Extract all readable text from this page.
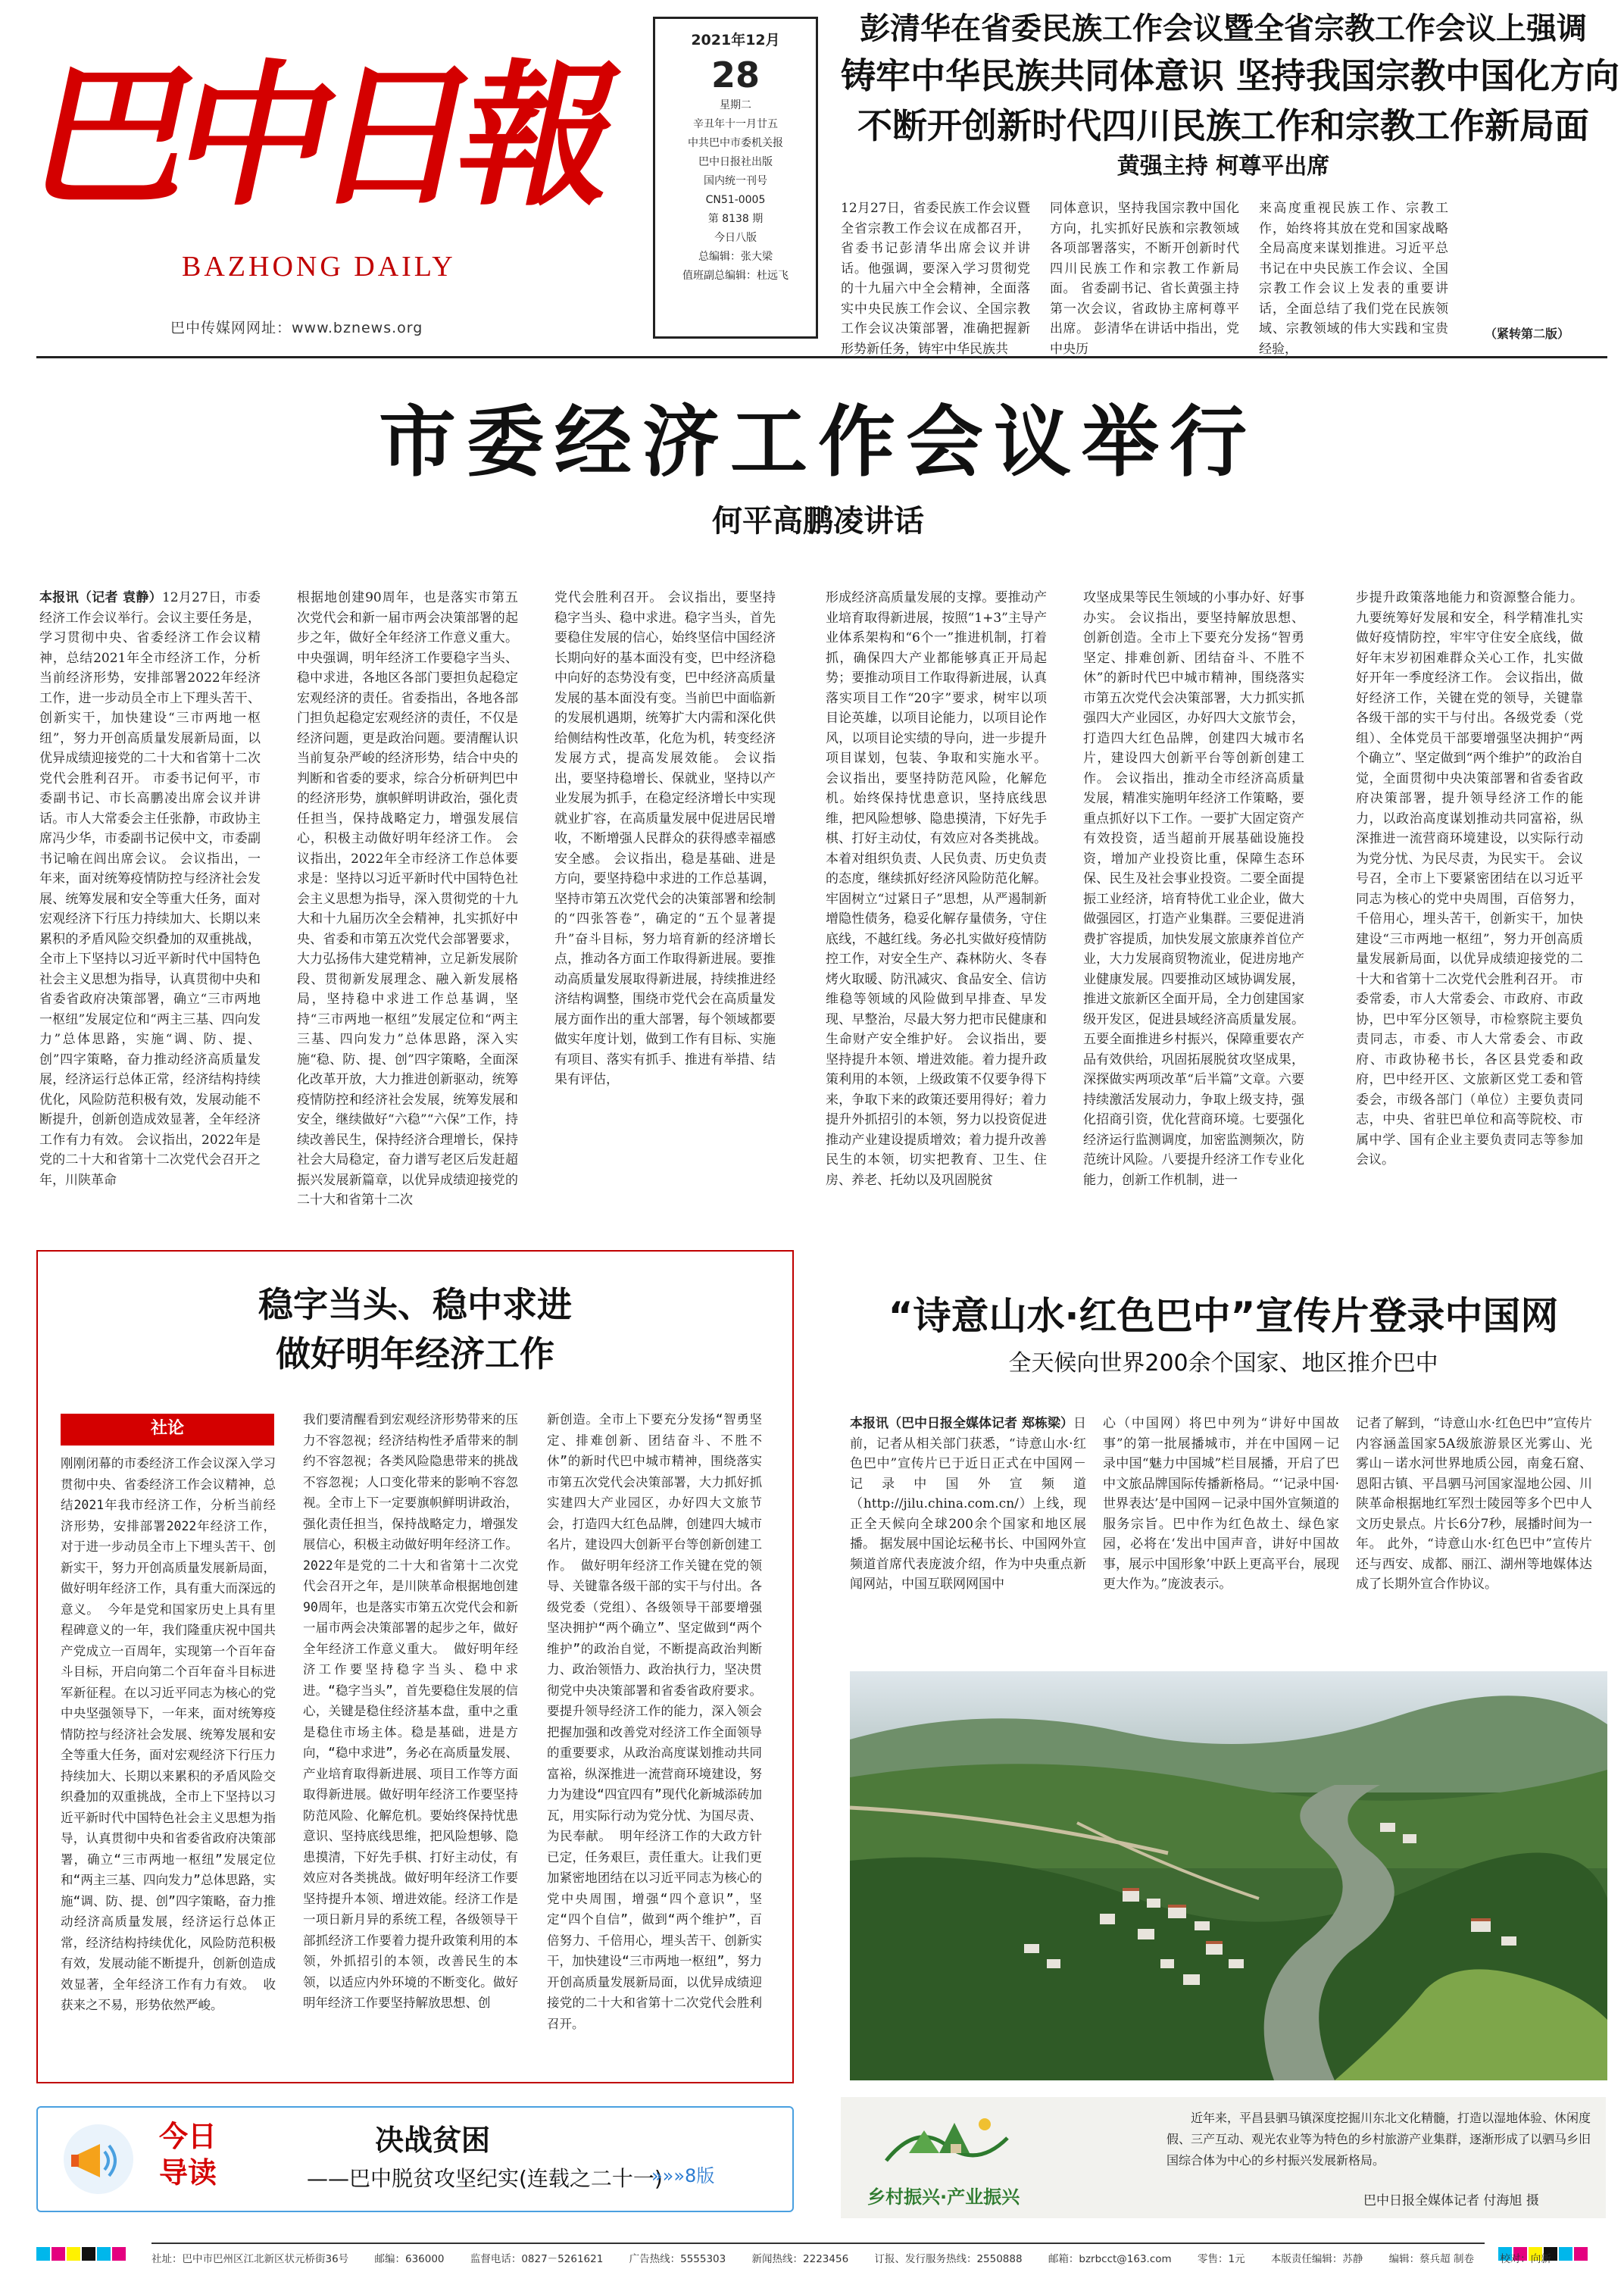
巴中日報
BAZHONG DAILY
巴中传媒网网址：www.bznews.org
2021年12月
28
星期二
辛丑年十一月廿五
中共巴中市委机关报
巴中日报社出版
国内统一刊号
CN51-0005
第 8138 期
今日八版
总编辑：张大梁
值班副总编辑：杜远飞
彭清华在省委民族工作会议暨全省宗教工作会议上强调
铸牢中华民族共同体意识 坚持我国宗教中国化方向
不断开创新时代四川民族工作和宗教工作新局面
黄强主持 柯尊平出席
12月27日，省委民族工作会议暨全省宗教工作会议在成都召开，省委书记彭清华出席会议并讲话。他强调，要深入学习贯彻党的十九届六中全会精神，全面落实中央民族工作会议、全国宗教工作会议决策部署，准确把握新形势新任务，铸牢中华民族共
同体意识，坚持我国宗教中国化方向，扎实抓好民族和宗教领域各项部署落实，不断开创新时代四川民族工作和宗教工作新局面。 省委副书记、省长黄强主持第一次会议，省政协主席柯尊平出席。 彭清华在讲话中指出，党中央历
来高度重视民族工作、宗教工作，始终将其放在党和国家战略全局高度来谋划推进。习近平总书记在中央民族工作会议、全国宗教工作会议上发表的重要讲话，全面总结了我们党在民族领域、宗教领域的伟大实践和宝贵经验，
（紧转第二版）
市委经济工作会议举行
何平高鹏凌讲话
本报讯（记者 袁静）12月27日，市委经济工作会议举行。会议主要任务是，学习贯彻中央、省委经济工作会议精神，总结2021年全市经济工作，分析当前经济形势，安排部署2022年经济工作，进一步动员全市上下理头苦干、创新实干，加快建设“三市两地一枢纽”，努力开创高质量发展新局面，以优异成绩迎接党的二十大和省第十二次党代会胜利召开。 市委书记何平，市委副书记、市长高鹏凌出席会议并讲话。市人大常委会主任张静，市政协主席冯少华，市委副书记侯中文，市委副书记喻在闾出席会议。 会议指出，一年来，面对统筹疫情防控与经济社会发展、统筹发展和安全等重大任务，面对宏观经济下行压力持续加大、长期以来累积的矛盾风险交织叠加的双重挑战，全市上下坚持以习近平新时代中国特色社会主义思想为指导，认真贯彻中央和省委省政府决策部署，确立“三市两地一枢纽”发展定位和“两主三基、四向发力”总体思路，实施“调、防、提、创”四字策略，奋力推动经济高质量发展，经济运行总体正常，经济结构持续优化，风险防范积极有效，发展动能不断提升，创新创造成效显著，全年经济工作有力有效。 会议指出，2022年是党的二十大和省第十二次党代会召开之年，川陕革命
根据地创建90周年，也是落实市第五次党代会和新一届市两会决策部署的起步之年，做好全年经济工作意义重大。中央强调，明年经济工作要稳字当头、稳中求进，各地区各部门要担负起稳定宏观经济的责任。省委指出，各地各部门担负起稳定宏观经济的责任，不仅是经济问题，更是政治问题。要清醒认识当前复杂严峻的经济形势，结合中央的判断和省委的要求，综合分析研判巴中的经济形势，旗帜鲜明讲政治，强化责任担当，保持战略定力，增强发展信心，积极主动做好明年经济工作。 会议指出，2022年全市经济工作总体要求是：坚持以习近平新时代中国特色社会主义思想为指导，深入贯彻党的十九大和十九届历次全会精神，扎实抓好中央、省委和市第五次党代会部署要求，大力弘扬伟大建党精神，立足新发展阶段、贯彻新发展理念、融入新发展格局，坚持稳中求进工作总基调，坚持“三市两地一枢纽”发展定位和“两主三基、四向发力”总体思路，深入实施“稳、防、提、创”四字策略，全面深化改革开放，大力推进创新驱动，统筹疫情防控和经济社会发展，统筹发展和安全，继续做好“六稳”“六保”工作，持续改善民生，保持经济合理增长，保持社会大局稳定，奋力谱写老区后发赶超振兴发展新篇章，以优异成绩迎接党的二十大和省第十二次
党代会胜利召开。 会议指出，要坚持稳字当头、稳中求进。稳字当头，首先要稳住发展的信心，始终坚信中国经济长期向好的基本面没有变，巴中经济稳中向好的态势没有变，巴中经济高质量发展的基本面没有变。当前巴中面临新的发展机遇期，统筹扩大内需和深化供给侧结构性改革，化危为机，转变经济发展方式，提高发展效能。 会议指出，要坚持稳增长、保就业，坚持以产业发展为抓手，在稳定经济增长中实现就业扩容，在高质量发展中促进居民增收，不断增强人民群众的获得感幸福感安全感。 会议指出，稳是基础、进是方向，要坚持稳中求进的工作总基调，坚持市第五次党代会的决策部署和绘制的“四张答卷”，确定的“五个显著提升”奋斗目标，努力培育新的经济增长点，推动各方面工作取得新进展。要推动高质量发展取得新进展，持续推进经济结构调整，围绕市党代会在高质量发展方面作出的重大部署，每个领域都要做实年度计划，做到工作有目标、实施有项目、落实有抓手、推进有举措、结果有评估，
形成经济高质量发展的支撑。要推动产业培育取得新进展，按照“1+3”主导产业体系架构和“6个一”推进机制，打着抓，确保四大产业都能够真正开局起势；要推动项目工作取得新进展，认真落实项目工作“20字”要求，树牢以项目论英雄，以项目论能力，以项目论作风，以项目论实绩的导向，进一步提升项目谋划，包装、争取和实施水平。 会议指出，要坚持防范风险，化解危机。始终保持忧患意识，坚持底线思维，把风险想够、隐患摸清，下好先手棋、打好主动仗，有效应对各类挑战。本着对组织负责、人民负责、历史负责的态度，继续抓好经济风险防范化解。牢固树立“过紧日子”思想，从严遏制新增隐性债务，稳妥化解存量债务，守住底线，不越红线。务必扎实做好疫情防控工作，对安全生产、森林防火、冬春烤火取暖、防汛减灾、食品安全、信访维稳等领域的风险做到早排查、早发现、早整治，尽最大努力把市民健康和生命财产安全维护好。 会议指出，要坚持提升本领、增进效能。着力提升政策利用的本领，上级政策不仅要争得下来，争取下来的政策还要用得好；着力提升外抓招引的本领，努力以投资促进推动产业建设提质增效；着力提升改善民生的本领，切实把教育、卫生、住房、养老、托幼以及巩固脱贫
攻坚成果等民生领域的小事办好、好事办实。 会议指出，要坚持解放思想、创新创造。全市上下要充分发扬“智勇坚定、排难创新、团结奋斗、不胜不休”的新时代巴中城市精神，围绕落实市第五次党代会决策部署，大力抓实抓强四大产业园区，办好四大文旅节会，打造四大红色品牌，创建四大城市名片，建设四大创新平台等创新创建工作。 会议指出，推动全市经济高质量发展，精准实施明年经济工作策略，要重点抓好以下工作。一要扩大固定资产有效投资，适当超前开展基础设施投资，增加产业投资比重，保障生态环保、民生及社会事业投资。二要全面提振工业经济，培育特优工业企业，做大做强园区，打造产业集群。三要促进消费扩容提质，加快发展文旅康养首位产业，大力发展商贸物流业，促进房地产业健康发展。四要推动区域协调发展，推进文旅新区全面开局，全力创建国家级开发区，促进县域经济高质量发展。五要全面推进乡村振兴，保障重要农产品有效供给，巩固拓展脱贫攻坚成果，深探做实两项改革“后半篇”文章。六要持续激活发展动力，争取上级支持，强化招商引资，优化营商环境。七要强化经济运行监测调度，加密监测频次，防范统计风险。八要提升经济工作专业化能力，创新工作机制，进一
步提升政策落地能力和资源整合能力。九要统筹好发展和安全，科学精准扎实做好疫情防控，牢牢守住安全底线，做好年末岁初困难群众关心工作，扎实做好开年一季度经济工作。 会议指出，做好经济工作，关键在党的领导，关键靠各级干部的实干与付出。各级党委（党组）、全体党员干部要增强坚决拥护“两个确立”、坚定做到“两个维护”的政治自觉，全面贯彻中央决策部署和省委省政府决策部署，提升领导经济工作的能力，以政治高度谋划推动共同富裕，纵深推进一流营商环境建设，以实际行动为党分忧、为民尽责，为民实干。 会议号召，全市上下要紧密团结在以习近平同志为核心的党中央周围，百倍努力，千倍用心，埋头苦干，创新实干，加快建设“三市两地一枢纽”，努力开创高质量发展新局面，以优异成绩迎接党的二十大和省第十二次党代会胜利召开。 市委常委，市人大常委会、市政府、市政协，巴中军分区领导，市检察院主要负责同志，市委、市人大常委会、市政府、市政协秘书长，各区县党委和政府，巴中经开区、文旅新区党工委和管委会，市级各部门（单位）主要负责同志，中央、省驻巴单位和高等院校、市属中学、国有企业主要负责同志等参加会议。
稳字当头、稳中求进
做好明年经济工作
社论
刚刚闭幕的市委经济工作会议深入学习贯彻中央、省委经济工作会议精神，总结2021年我市经济工作，分析当前经济形势，安排部署2022年经济工作，对于进一步动员全市上下埋头苦干、创新实干，努力开创高质量发展新局面，做好明年经济工作，具有重大而深远的意义。 今年是党和国家历史上具有里程碑意义的一年，我们隆重庆祝中国共产党成立一百周年，实现第一个百年奋斗目标，开启向第二个百年奋斗目标进军新征程。在以习近平同志为核心的党中央坚强领导下，一年来，面对统筹疫情防控与经济社会发展、统筹发展和安全等重大任务，面对宏观经济下行压力持续加大、长期以来累积的矛盾风险交织叠加的双重挑战，全市上下坚持以习近平新时代中国特色社会主义思想为指导，认真贯彻中央和省委省政府决策部署，确立“三市两地一枢纽”发展定位和“两主三基、四向发力”总体思路，实施“调、防、提、创”四字策略，奋力推动经济高质量发展，经济运行总体正常，经济结构持续优化，风险防范积极有效，发展动能不断提升，创新创造成效显著，全年经济工作有力有效。 收获来之不易，形势依然严峻。
我们要清醒看到宏观经济形势带来的压力不容忽视；经济结构性矛盾带来的制约不容忽视；各类风险隐患带来的挑战不容忽视；人口变化带来的影响不容忽视。全市上下一定要旗帜鲜明讲政治，强化责任担当，保持战略定力，增强发展信心，积极主动做好明年经济工作。 2022年是党的二十大和省第十二次党代会召开之年，是川陕革命根据地创建90周年，也是落实市第五次党代会和新一届市两会决策部署的起步之年，做好全年经济工作意义重大。 做好明年经济工作要坚持稳字当头、稳中求进。“稳字当头”，首先要稳住发展的信心，关键是稳住经济基本盘，重中之重是稳住市场主体。稳是基础，进是方向，“稳中求进”，务必在高质量发展、产业培育取得新进展、项目工作等方面取得新进展。做好明年经济工作要坚持防范风险、化解危机。要始终保持忧患意识、坚持底线思维，把风险想够、隐患摸清，下好先手棋、打好主动仗，有效应对各类挑战。做好明年经济工作要坚持提升本领、增进效能。经济工作是一项日新月异的系统工程，各级领导干部抓经济工作要着力提升政策利用的本领，外抓招引的本领，改善民生的本领，以适应内外环境的不断变化。做好明年经济工作要坚持解放思想、创
新创造。全市上下要充分发扬“智勇坚定、排难创新、团结奋斗、不胜不休”的新时代巴中城市精神，围绕落实市第五次党代会决策部署，大力抓好抓实建四大产业园区，办好四大文旅节会，打造四大红色品牌，创建四大城市名片，建设四大创新平台等创新创建工作。 做好明年经济工作关键在党的领导、关键靠各级干部的实干与付出。各级党委（党组）、各级领导干部要增强坚决拥护“两个确立”、坚定做到“两个维护”的政治自觉，不断提高政治判断力、政治领悟力、政治执行力，坚决贯彻党中央决策部署和省委省政府要求。要提升领导经济工作的能力，深入领会把握加强和改善党对经济工作全面领导的重要要求，从政治高度谋划推动共同富裕，纵深推进一流营商环境建设，努力为建设“四宜四有”现代化新城添砖加瓦，用实际行动为党分忧、为国尽责、为民奉献。 明年经济工作的大政方针已定，任务艰巨，责任重大。让我们更加紧密地团结在以习近平同志为核心的党中央周围，增强“四个意识”，坚定“四个自信”，做到“两个维护”，百倍努力、千倍用心，埋头苦干、创新实干，加快建设“三市两地一枢纽”，努力开创高质量发展新局面，以优异成绩迎接党的二十大和省第十二次党代会胜利召开。
“诗意山水·红色巴中”宣传片登录中国网
全天候向世界200余个国家、地区推介巴中
本报讯（巴中日报全媒体记者 郑栋梁）日前，记者从相关部门获悉，“诗意山水·红色巴中”宣传片已于近日正式在中国网－记录中国外宣频道（http://jilu.china.com.cn/）上线，现正全天候向全球200余个国家和地区展播。 据发展中国论坛秘书长、中国网外宣频道首席代表庞波介绍，作为中央重点新闻网站，中国互联网网国中
心（中国网）将巴中列为“讲好中国故事”的第一批展播城市，并在中国网－记录中国“魅力中国城”栏目展播，开启了巴中文旅品牌国际传播新格局。“‘记录中国·世界表达’是中国网－记录中国外宣频道的服务宗旨。巴中作为红色故土、绿色家园，必将在‘发出中国声音，讲好中国故事，展示中国形象’中跃上更高平台，展现更大作为。”庞波表示。
记者了解到，“诗意山水·红色巴中”宣传片内容涵盖国家5A级旅游景区光雾山、光雾山－诺水河世界地质公园，南龛石窟、恩阳古镇、平昌驷马河国家湿地公园、川陕革命根据地红军烈士陵园等多个巴中人文历史景点。片长6分7秒，展播时间为一年。 此外，“诗意山水·红色巴中”宣传片还与西安、成都、丽江、湖州等地媒体达成了长期外宣合作协议。
今日
导读
决战贫困
——巴中脱贫攻坚纪实(连载之二十一)
»»»8版
乡村振兴·产业振兴
近年来，平昌县驷马镇深度挖掘川东北文化精髓，打造以湿地体验、休闲度假、三产互动、观光农业等为特色的乡村旅游产业集群，逐渐形成了以驷马乡旧国综合体为中心的乡村振兴发展新格局。
巴中日报全媒体记者 付海旭 摄
社址：巴中市巴州区江北新区状元桥街36号	邮编：636000	监督电话：0827－5261621	广告热线：5555303	新闻热线：2223456	订报、发行服务热线：2550888	邮箱：bzrbcct@163.com	零售：1元	本版责任编辑：苏静	编辑：蔡兵超 制卷	校对：向新
